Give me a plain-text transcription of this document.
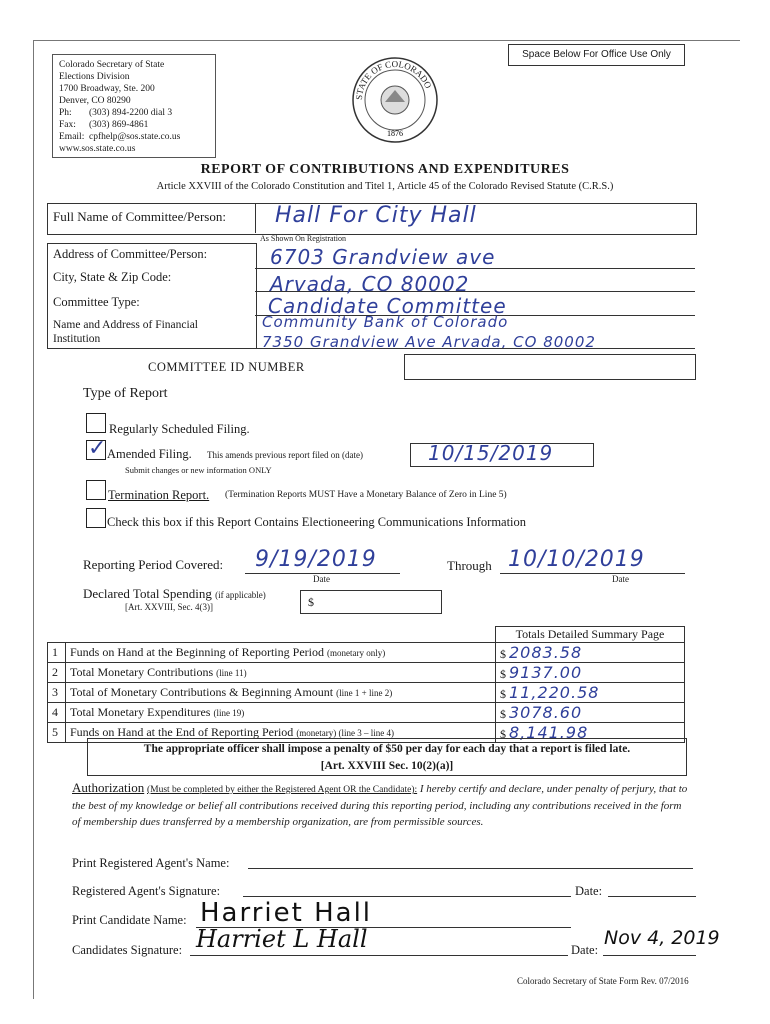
Space Below For Office Use Only
Colorado Secretary of State
Elections Division
1700 Broadway, Ste. 200
Denver, CO 80290
Ph: (303) 894-2200 dial 3
Fax: (303) 869-4861
Email: cpfhelp@sos.state.co.us
www.sos.state.co.us
STATE OF COLORADO
1876
REPORT OF CONTRIBUTIONS AND EXPENDITURES
Article XXVIII of the Colorado Constitution and Titel 1, Article 45 of the Colorado Revised Statute (C.R.S.)
Full Name of Committee/Person: Hall For City Hall
As Shown On Registration
Address of Committee/Person:	6703 Grandview ave
City, State & Zip Code:	Arvada, CO 80002
Committee Type:	Candidate Committee
Name and Address of Financial Institution
Community Bank of Colorado
7350 Grandview Ave Arvada, CO 80002
COMMITTEE ID NUMBER
Type of Report
Regularly Scheduled Filing.
✓ Amended Filing. This amends previous report filed on (date)	10/15/2019
Submit changes or new information ONLY
Termination Report. (Termination Reports MUST Have a Monetary Balance of Zero in Line 5)
Check this box if this Report Contains Electioneering Communications Information
Reporting Period Covered: 9/19/2019
Date
Through 10/10/2019
Date
Declared Total Spending (if applicable)
[Art. XXVIII, Sec. 4(3)]	$
		Totals Detailed Summary Page
1	Funds on Hand at the Beginning of Reporting Period (monetary only)	$ 2083.58
2	Total Monetary Contributions (line 11)	$ 9137.00
3	Total of Monetary Contributions & Beginning Amount (line 1 + line 2)	$ 11,220.58
4	Total Monetary Expenditures (line 19)	$ 3078.60
5	Funds on Hand at the End of Reporting Period (monetary) (line 3 – line 4)	$ 8,141.98
The appropriate officer shall impose a penalty of $50 per day for each day that a report is filed late.
[Art. XXVIII Sec. 10(2)(a)]
Authorization (Must be completed by either the Registered Agent OR the Candidate): I hereby certify and declare, under penalty of perjury, that to the best of my knowledge or belief all contributions received during this reporting period, including any contributions received in the form of membership dues transferred by a membership organization, are from permissible sources.
Print Registered Agent's Name:
Registered Agent's Signature:	Date:
Print Candidate Name: Harriet Hall
Candidates Signature: Harriet L Hall	Date:
Nov 4, 2019
Colorado Secretary of State Form Rev. 07/2016
